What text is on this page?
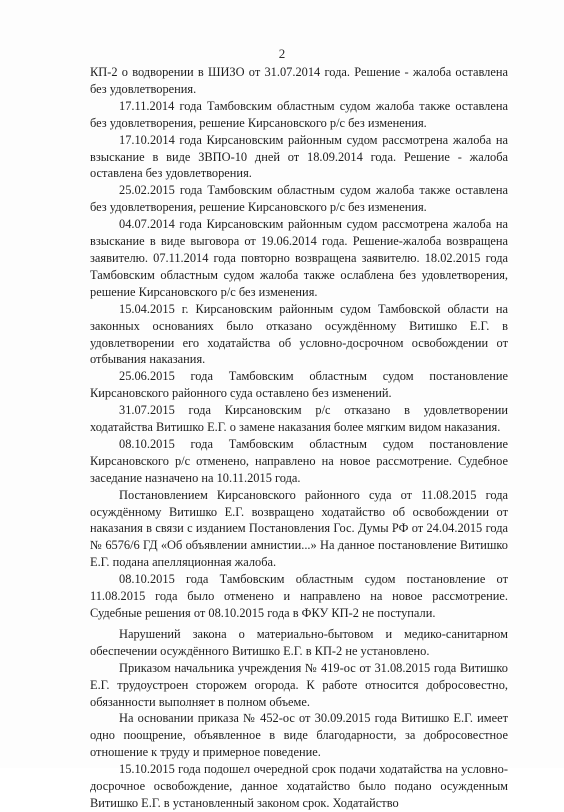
2

КП-2 о водворении в ШИЗО от 31.07.2014 года. Решение - жалоба оставлена без удовлетворения.

17.11.2014 года Тамбовским областным судом жалоба также оставлена без удовлетворения, решение Кирсановского р/с без изменения.

17.10.2014 года Кирсановским районным судом рассмотрена жалоба на взыскание в виде ЗВПО-10 дней от 18.09.2014 года. Решение - жалоба оставлена без удовлетворения.

25.02.2015 года Тамбовским областным судом жалоба также оставлена без удовлетворения, решение Кирсановского р/с без изменения.

04.07.2014 года Кирсановским районным судом рассмотрена жалоба на взыскание в виде выговора от 19.06.2014 года. Решение-жалоба возвращена заявителю. 07.11.2014 года повторно возвращена заявителю. 18.02.2015 года Тамбовским областным судом жалоба также ослаблена без удовлетворения, решение Кирсановского р/с без изменения.

15.04.2015 г. Кирсановским районным судом Тамбовской области на законных основаниях было отказано осуждённому Витишко Е.Г. в удовлетворении его ходатайства об условно-досрочном освобождении от отбывания наказания.

25.06.2015 года Тамбовским областным судом постановление Кирсановского районного суда оставлено без изменений.

31.07.2015 года Кирсановским р/с отказано в удовлетворении ходатайства Витишко Е.Г. о замене наказания более мягким видом наказания.

08.10.2015 года Тамбовским областным судом постановление Кирсановского р/с отменено, направлено на новое рассмотрение. Судебное заседание назначено на 10.11.2015 года.

Постановлением Кирсановского районного суда от 11.08.2015 года осуждённому Витишко Е.Г. возвращено ходатайство об освобождении от наказания в связи с изданием Постановления Гос. Думы РФ от 24.04.2015 года № 6576/6 ГД «Об объявлении амнистии...» На данное постановление Витишко Е.Г. подана апелляционная жалоба.

08.10.2015 года Тамбовским областным судом постановление от 11.08.2015 года было отменено и направлено на новое рассмотрение. Судебные решения от 08.10.2015 года в ФКУ КП-2 не поступали.

Нарушений закона о материально-бытовом и медико-санитарном обеспечении осуждённого Витишко Е.Г. в КП-2 не установлено.

Приказом начальника учреждения № 419-ос от 31.08.2015 года Витишко Е.Г. трудоустроен сторожем огорода. К работе относится добросовестно, обязанности выполняет в полном объеме.

На основании приказа № 452-ос от 30.09.2015 года Витишко Е.Г. имеет одно поощрение, объявленное в виде благодарности, за добросовестное отношение к труду и примерное поведение.

15.10.2015 года подошел очередной срок подачи ходатайства на условно-досрочное освобождение, данное ходатайство было подано осужденным Витишко Е.Г. в установленный законом срок. Ходатайство
